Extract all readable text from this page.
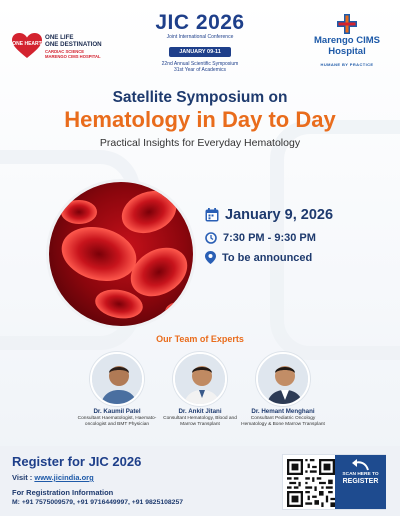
ONE HEART
ONE LIFE
ONE DESTINATION
CARDIAC SCIENCE
MARENGO CIMS HOSPITAL
JIC 2026
Joint International Conference
JANUARY 09-11
22nd Annual Scientific Symposium
31st Year of Academics
Marengo CIMS
Hospital
HUMANE BY PRACTICE
Satellite Symposium on
Hematology in Day to Day
Practical Insights for Everyday Hematology
January 9, 2026
7:30 PM - 9:30 PM
To be announced
Our Team of Experts
Dr. Kaumil Patel
Consultant Haematologist, Haemato-oncologist and BMT Physician
Dr. Ankit Jitani
Consultant Hematology, Blood and Marrow Transplant
Dr. Hemant Menghani
Consultant Pediatric Oncology Hematology & Bone Marrow Transplant
Register for JIC 2026
Visit : www.jicindia.org
For Registration Information
M: +91 7575009579, +91 9716449997, +91 9825108257
SCAN HERE TO
REGISTER
